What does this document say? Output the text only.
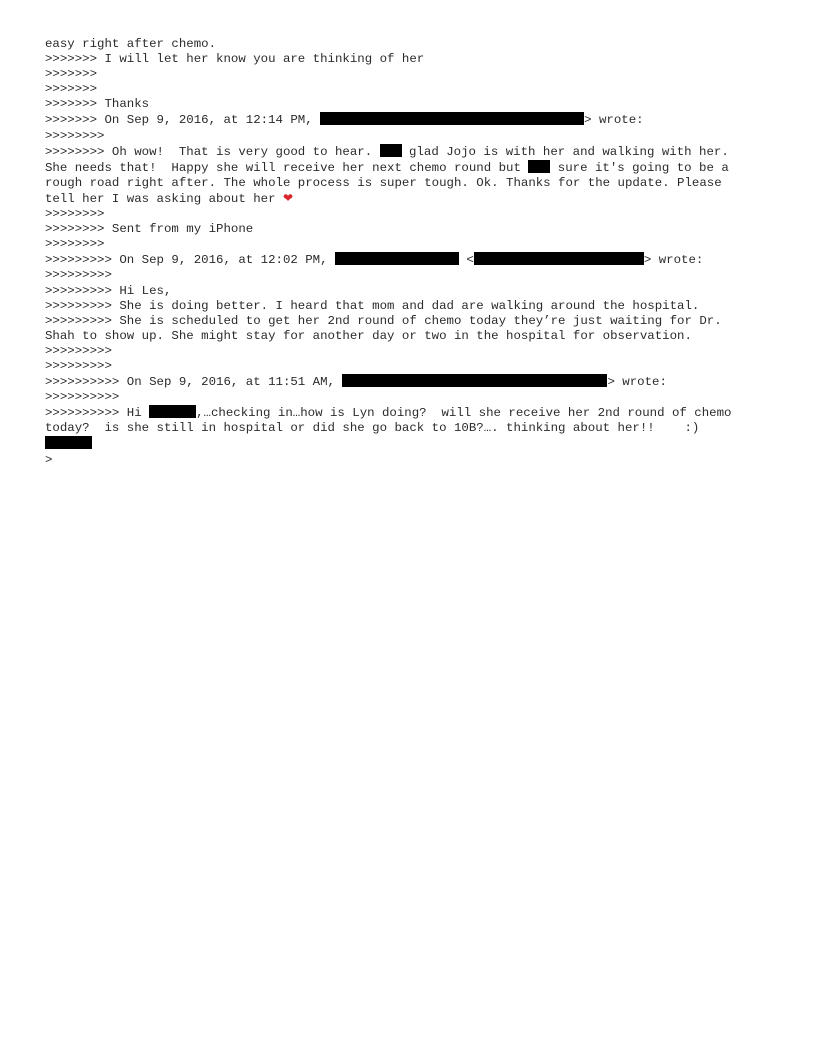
easy right after chemo.
>>>>>>> I will let her know you are thinking of her
>>>>>>>
>>>>>>>
>>>>>>> Thanks
>>>>>>> On Sep 9, 2016, at 12:14 PM,	> wrote:
>>>>>>>>
>>>>>>>> Oh wow!  That is very good to hear.  glad Jojo is with her and walking with her.
She needs that!  Happy she will receive her next chemo round but  sure it's going to be a
rough road right after. The whole process is super tough. Ok. Thanks for the update. Please
tell her I was asking about her ❤
>>>>>>>>
>>>>>>>> Sent from my iPhone
>>>>>>>>
>>>>>>>>> On Sep 9, 2016, at 12:02 PM,	<	> wrote:
>>>>>>>>>
>>>>>>>>> Hi Les,
>>>>>>>>> She is doing better. I heard that mom and dad are walking around the hospital.
>>>>>>>>> She is scheduled to get her 2nd round of chemo today they’re just waiting for Dr.
Shah to show up. She might stay for another day or two in the hospital for observation.
>>>>>>>>>
>>>>>>>>>
>>>>>>>>>> On Sep 9, 2016, at 11:51 AM,	> wrote:
>>>>>>>>>>
>>>>>>>>>> Hi	,…checking in…how is Lyn doing?  will she receive her 2nd round of chemo
today?  is she still in hospital or did she go back to 10B?…. thinking about her!!    :)
>
